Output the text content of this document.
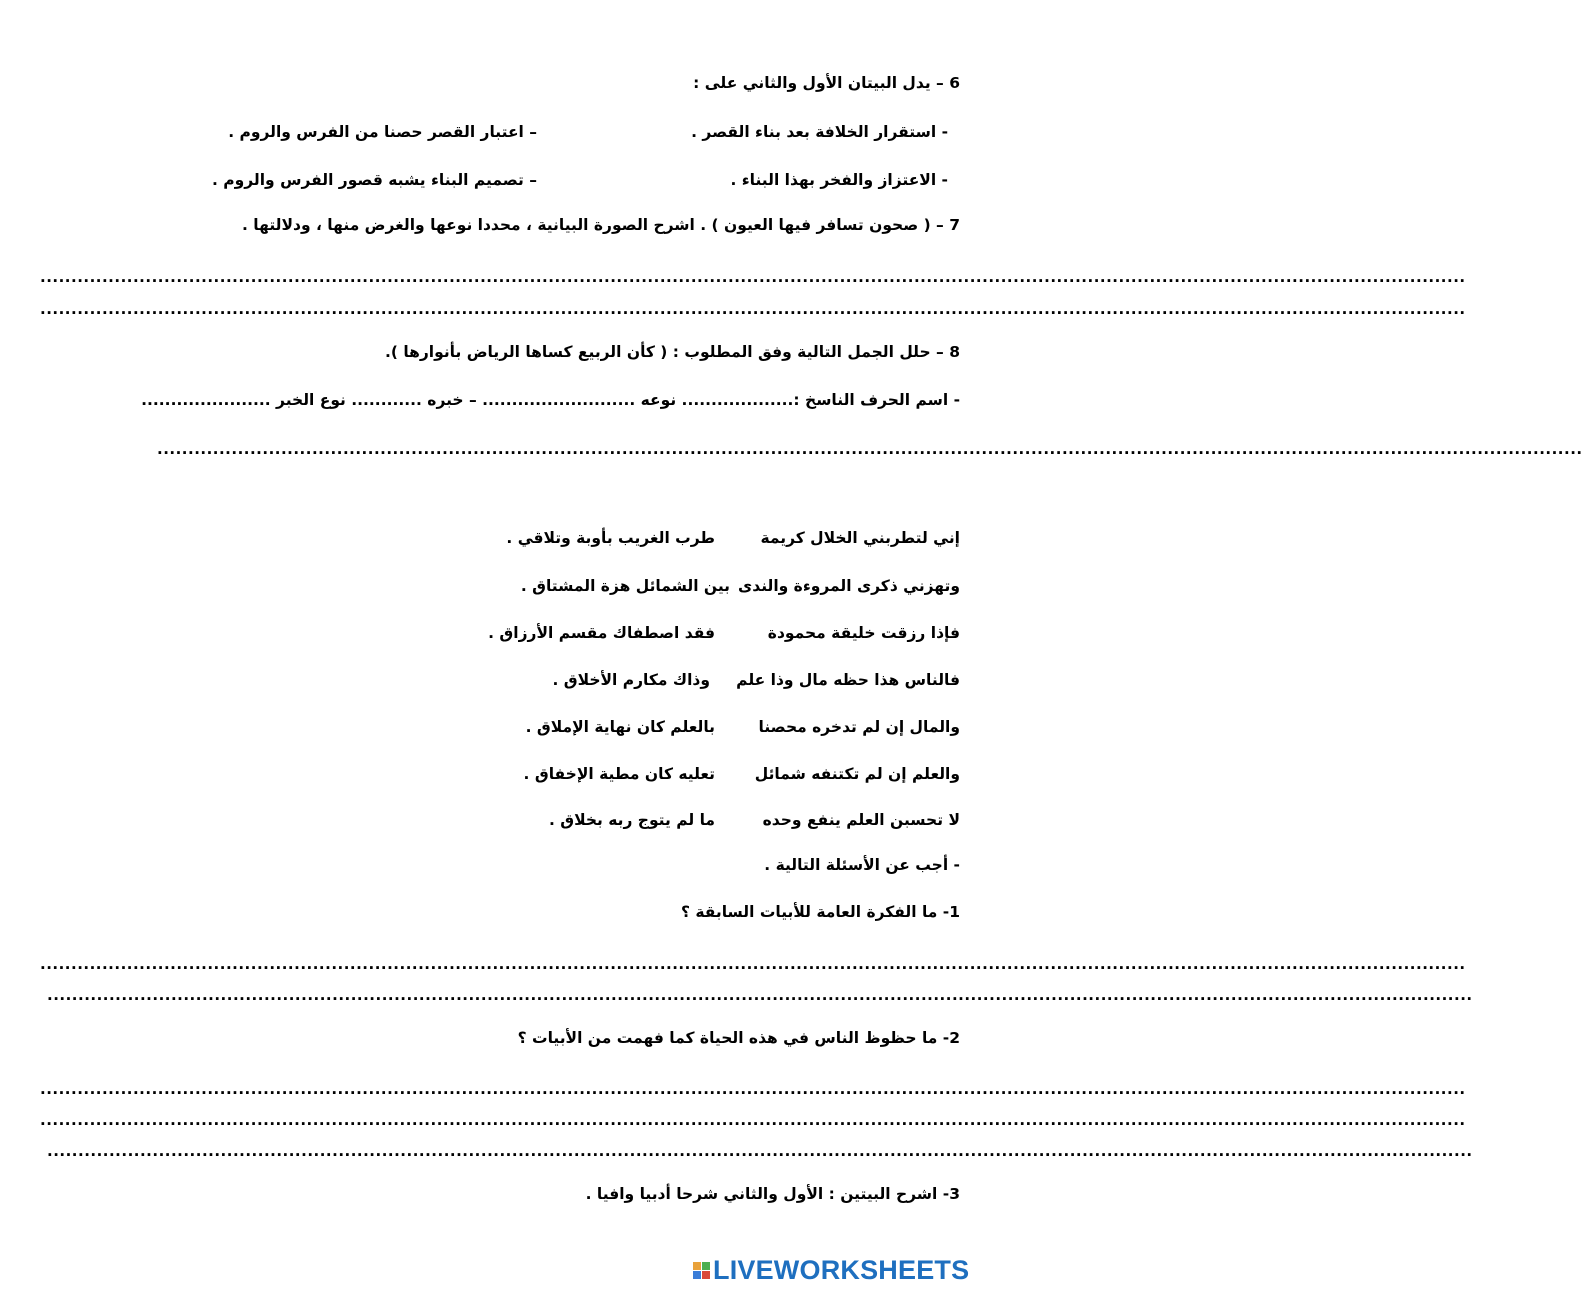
6 – يدل البيتان الأول والثاني على :
- استقرار الخلافة بعد بناء القصر .
– اعتبار القصر حصنا من الفرس والروم .
- الاعتزاز والفخر بهذا البناء .
– تصميم البناء يشبه قصور الفرس والروم .
7 – ( صحون تسافر فيها العيون ) . اشرح الصورة البيانية ، محددا نوعها والغرض منها ، ودلالتها .
......................................................................................................................................................................................................................................
......................................................................................................................................................................................................................................
8 – حلل الجمل التالية وفق المطلوب : ( كأن الربيع كساها الرياض بأنوارها ).
- اسم الحرف الناسخ :................... نوعه .......................... – خبره ............ نوع الخبر ......................
......................................................................................................................................................................................................................................
إني لتطربني الخلال كريمة
طرب الغريب بأوبة وتلاقي .
وتهزني ذكرى المروءة والندى
بين الشمائل هزة المشتاق .
فإذا رزقت خليقة محمودة
فقد اصطفاك مقسم الأرزاق .
فالناس هذا حظه مال وذا علم
وذاك مكارم الأخلاق .
والمال إن لم تدخره محصنا
بالعلم كان نهاية الإملاق .
والعلم إن لم تكتنفه شمائل
تعليه كان مطية الإخفاق .
لا تحسبن العلم ينفع وحده
ما لم يتوج ربه بخلاق .
- أجب عن الأسئلة التالية .
1- ما الفكرة العامة للأبيات السابقة ؟
......................................................................................................................................................................................................................................
......................................................................................................................................................................................................................................
2- ما حظوظ الناس في هذه الحياة كما فهمت من الأبيات ؟
......................................................................................................................................................................................................................................
......................................................................................................................................................................................................................................
......................................................................................................................................................................................................................................
3- اشرح البيتين : الأول والثاني شرحا أدبيا وافيا .
LIVEWORKSHEETS
